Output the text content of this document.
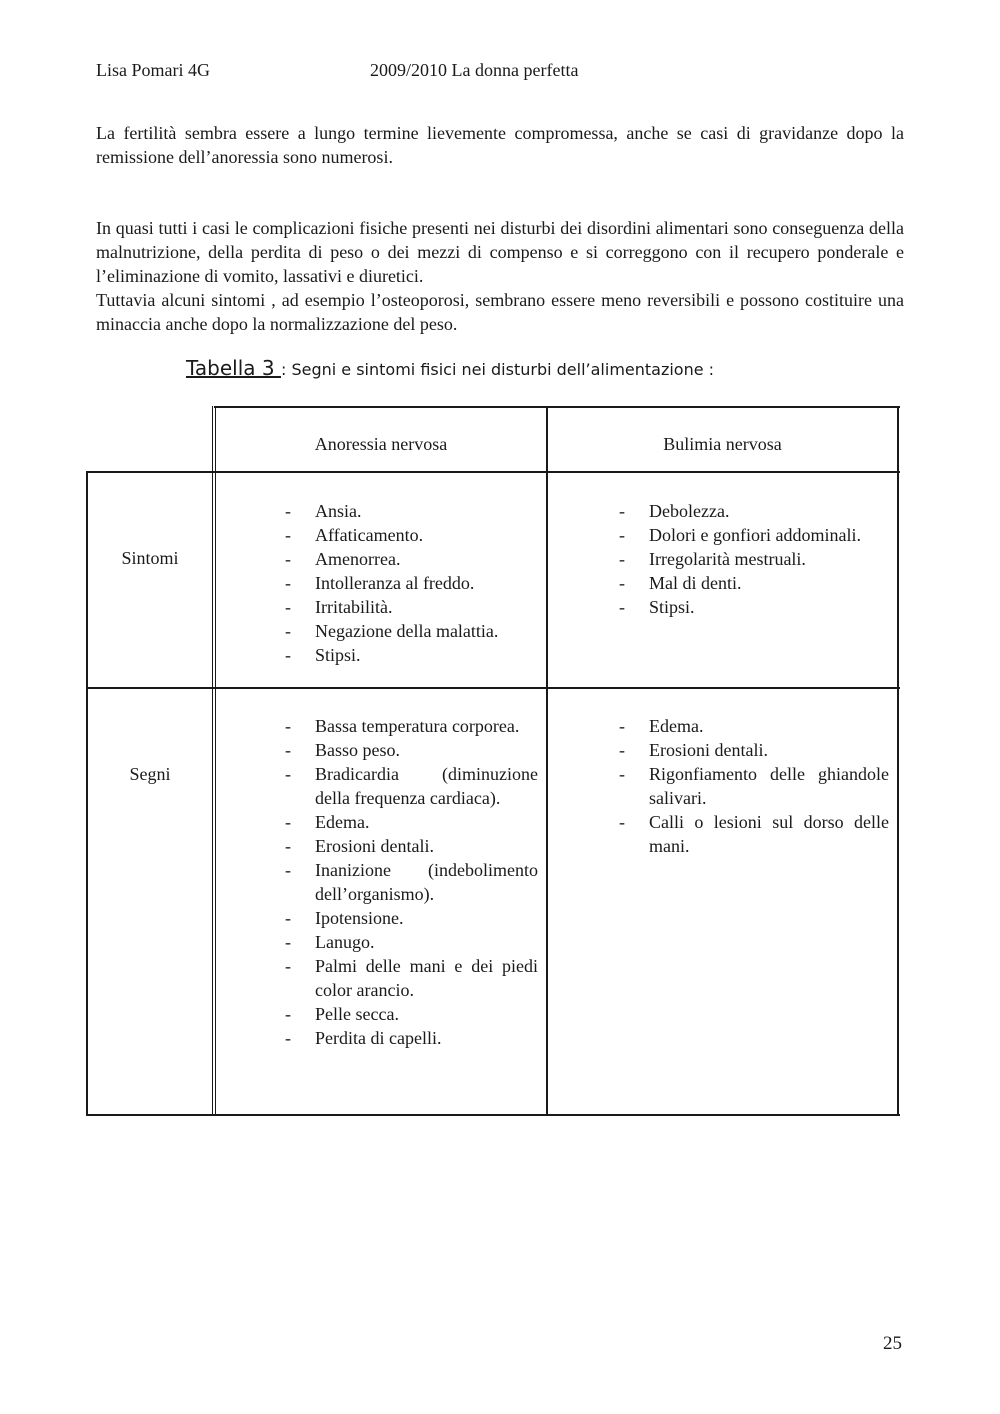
Lisa Pomari 4G	2009/2010 La donna perfetta

La fertilità sembra essere a lungo termine lievemente compromessa, anche se casi di gravidanze dopo la remissione dell’anoressia sono numerosi.

In quasi tutti i casi le complicazioni fisiche presenti nei disturbi dei disordini alimentari sono conseguenza della malnutrizione, della perdita di peso o dei mezzi di compenso e si correggono con il recupero ponderale e l’eliminazione di vomito, lassativi e diuretici.

Tuttavia alcuni sintomi , ad esempio l’osteoporosi, sembrano essere meno reversibili e possono costituire una minaccia anche dopo la normalizzazione del peso.

Tabella 3 : Segni e sintomi fisici nei disturbi dell’alimentazione :
Anoressia nervosa	Bulimia nervosa
Sintomi
Segni
- Ansia.
- Affaticamento.
- Amenorrea.
- Intolleranza al freddo.
- Irritabilità.
- Negazione della malattia.
- Stipsi.
- Debolezza.
- Dolori e gonfiori addominali.
- Irregolarità mestruali.
- Mal di denti.
- Stipsi.
- Bassa temperatura corporea.
- Basso peso.
- Bradicardia (diminuzione della frequenza cardiaca).
- Edema.
- Erosioni dentali.
- Inanizione (indebolimento dell’organismo).
- Ipotensione.
- Lanugo.
- Palmi delle mani e dei piedi color arancio.
- Pelle secca.
- Perdita di capelli.
- Edema.
- Erosioni dentali.
- Rigonfiamento delle ghiandole salivari.
- Calli o lesioni sul dorso delle mani.
25
